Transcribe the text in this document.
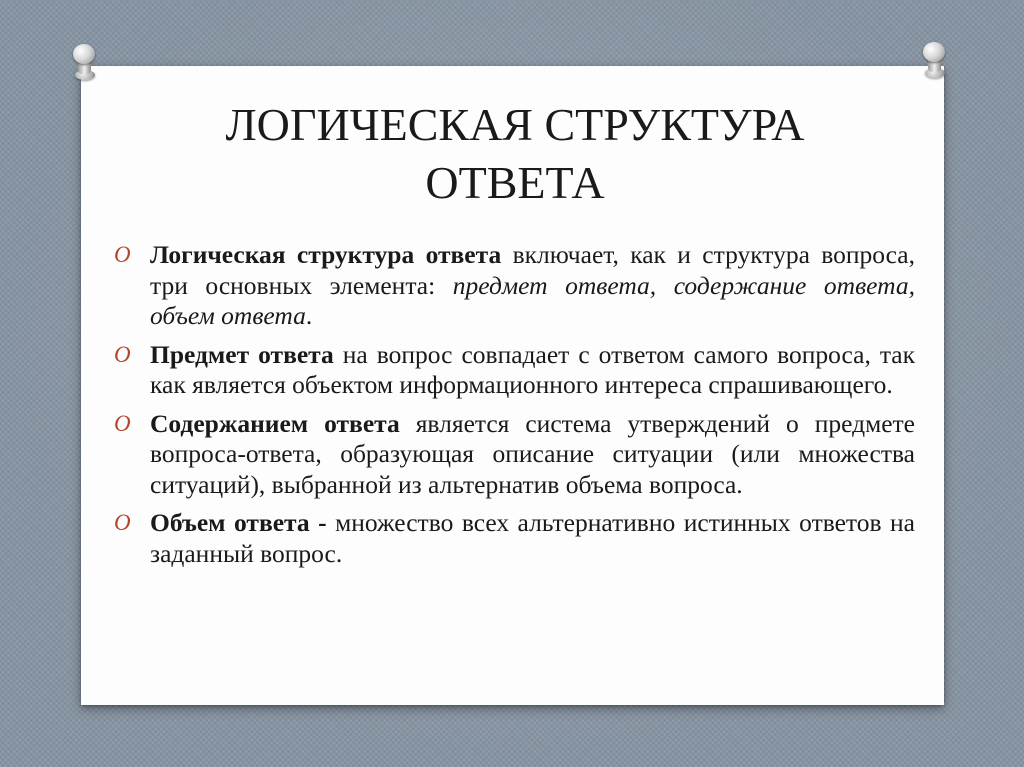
ЛОГИЧЕСКАЯ СТРУКТУРА
ОТВЕТА
O Логическая структура ответа включает, как и структура вопроса, три основных элемента: предмет ответа, содержание ответа, объем ответа.
O Предмет ответа на вопрос совпадает с ответом самого вопроса, так как является объектом информационного интереса спрашивающего.
O Содержанием ответа является система утверждений о предмете вопроса-ответа, образующая описание ситуации (или множества ситуаций), выбранной из альтернатив объема вопроса.
O Объем ответа - множество всех альтернативно истинных ответов на заданный вопрос.
